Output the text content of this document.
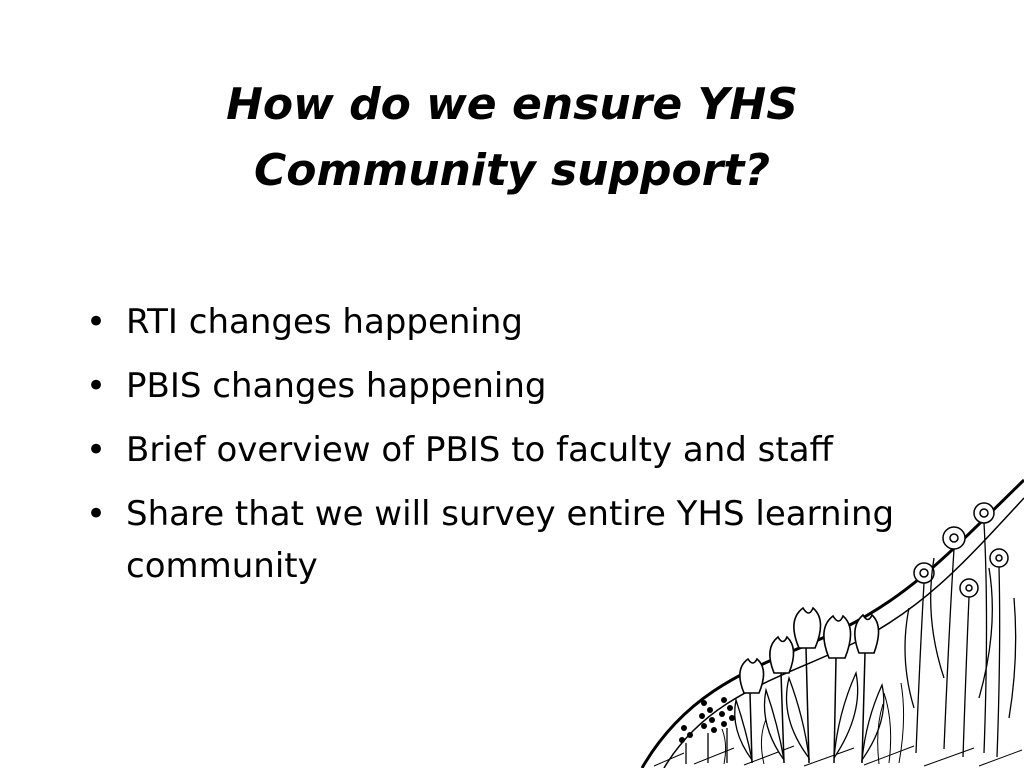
How do we ensure YHS
Community support?
• RTI changes happening
• PBIS changes happening
• Brief overview of PBIS to faculty and staff
• Share that we will survey entire YHS learning community
